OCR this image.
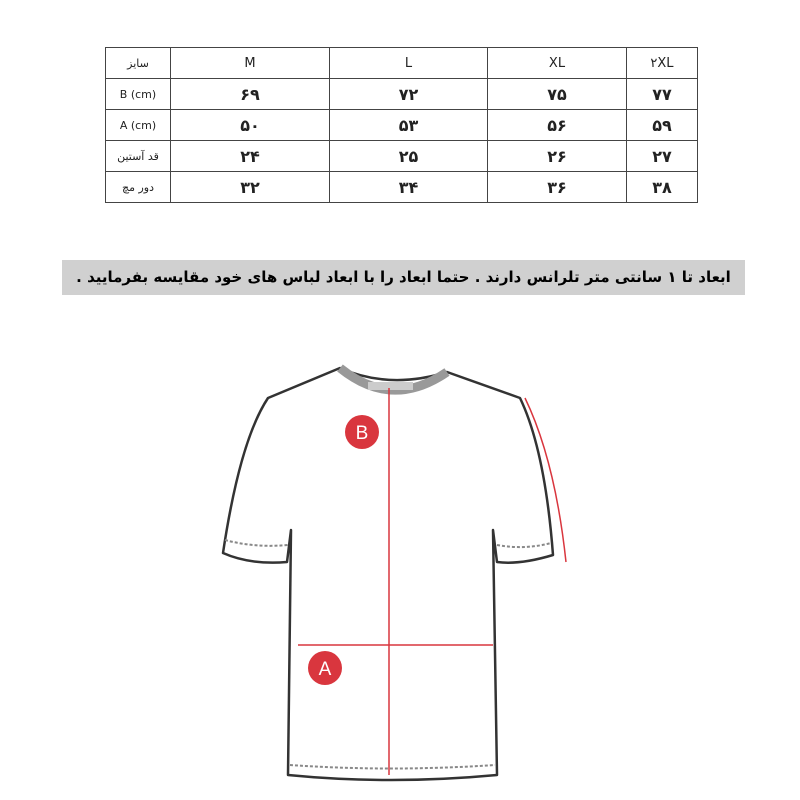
سایز	M	L	XL	۲XL
B (cm)	۶۹	۷۲	۷۵	۷۷
A (cm)	۵۰	۵۳	۵۶	۵۹
قد آستین	۲۴	۲۵	۲۶	۲۷
دور مچ	۳۲	۳۴	۳۶	۳۸
ابعاد تا ۱ سانتی متر تلرانس دارند . حتما ابعاد را با ابعاد لباس های خود مقایسه بفرمایید .
B
A
